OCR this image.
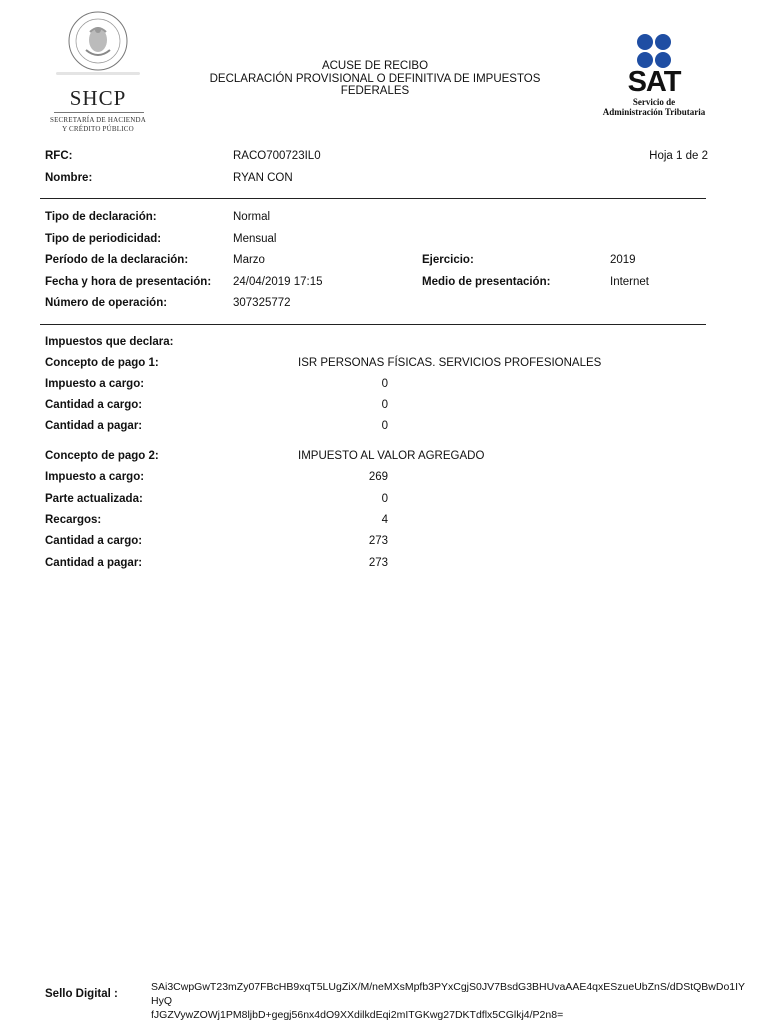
SHCP
SECRETARÍA DE HACIENDA
Y CRÉDITO PÚBLICO
ACUSE DE RECIBO
DECLARACIÓN PROVISIONAL O DEFINITIVA DE IMPUESTOS FEDERALES	SAT
Servicio de
Administración Tributaria
RFC:	RACO700723IL0	Hoja 1 de 2
Nombre:	RYAN CON
Tipo de declaración:	Normal
Tipo de periodicidad:	Mensual
Período de la declaración:	Marzo	Ejercicio:	2019
Fecha y hora de presentación: 24/04/2019 17:15	Medio de presentación:	Internet
Número de operación:	307325772
Impuestos que declara:
Concepto de pago 1:	ISR PERSONAS FÍSICAS. SERVICIOS PROFESIONALES
Impuesto a cargo:	0
Cantidad a cargo:	0
Cantidad a pagar:	0
Concepto de pago 2:	IMPUESTO AL VALOR AGREGADO
Impuesto a cargo:	269
Parte actualizada:	0
Recargos:	4
Cantidad a cargo:	273
Cantidad a pagar:	273
Sello Digital :
SAi3CwpGwT23mZy07FBcHB9xqT5LUgZiX/M/neMXsMpfb3PYxCgjS0JV7BsdG3BHUvaAAE4qxESzueUbZnS/dDStQBwDo1IYHyQ
fJGZVywZOWj1PM8ljbD+gegj56nx4dO9XXdilkdEqi2mITGKwg27DKTdflx5CGlkj4/P2n8=
